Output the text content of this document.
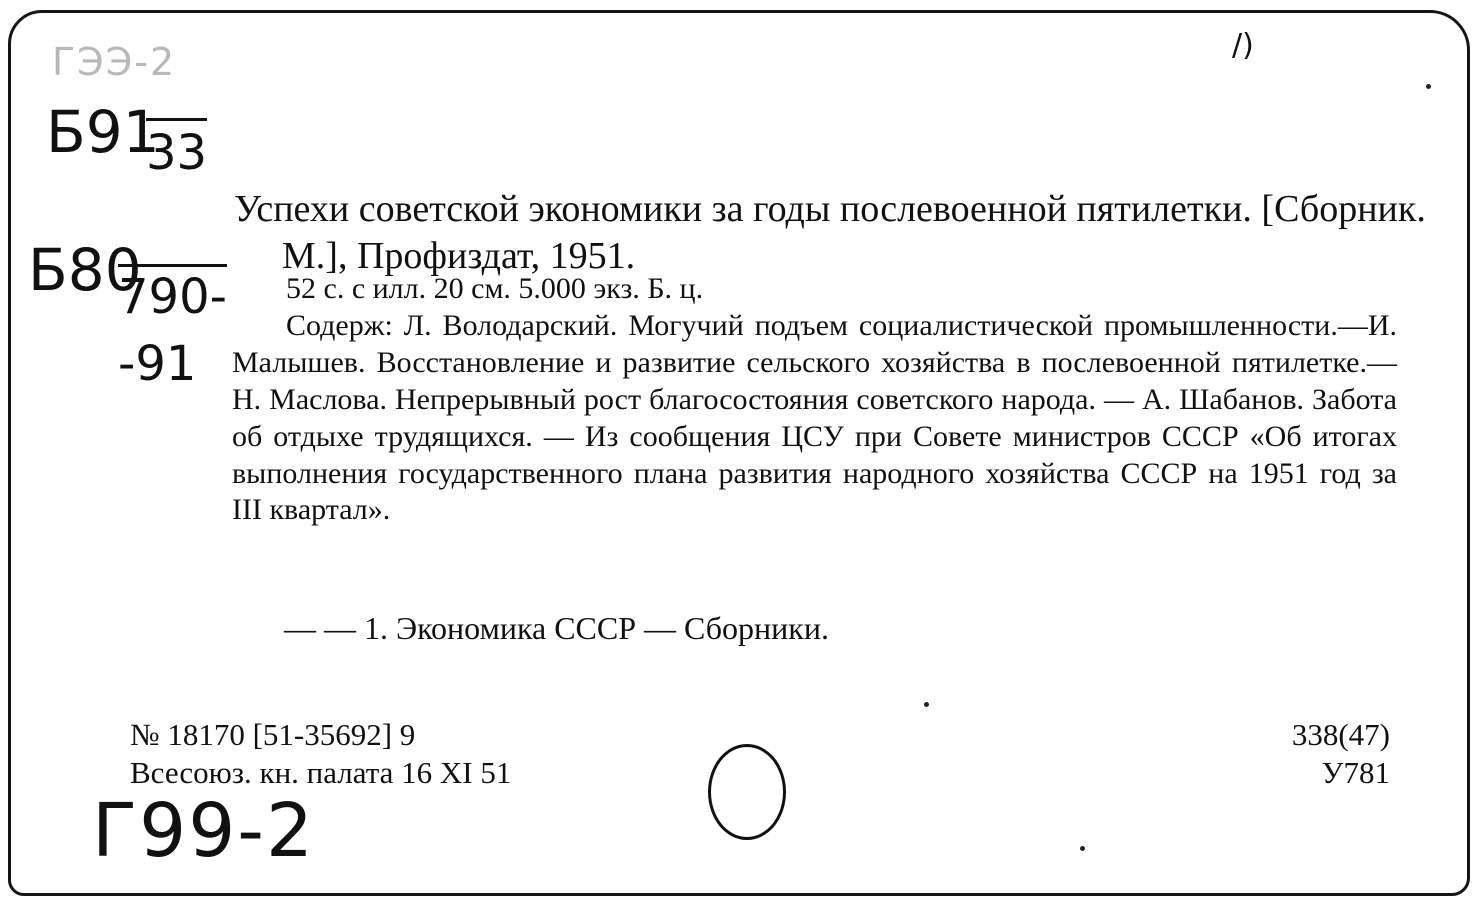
ГЭЭ-2	/)
Б91
33
Б80
790-
-91
Успехи советской экономики за годы послевоенной пятилетки. [Сборник. М.], Профиздат, 1951.
52 с. с илл. 20 см. 5.000 экз. Б. ц.
Содерж: Л. Володарский. Могучий подъем социалистической промышленности.—И. Малышев. Восстановление и развитие сельского хозяйства в послевоенной пятилетке.—Н. Маслова. Непрерывный рост благосостояния советского народа. — А. Шабанов. Забота об отдыхе трудящихся. — Из сообщения ЦСУ при Совете министров СССР «Об итогах выполнения государственного плана развития народного хозяйства СССР на 1951 год за III квартал».
— — 1. Экономика СССР — Сборники.
№ 18170 [51-35692] 9
Всесоюз. кн. палата 16 XI 51
338(47)
У781
Г99-2
